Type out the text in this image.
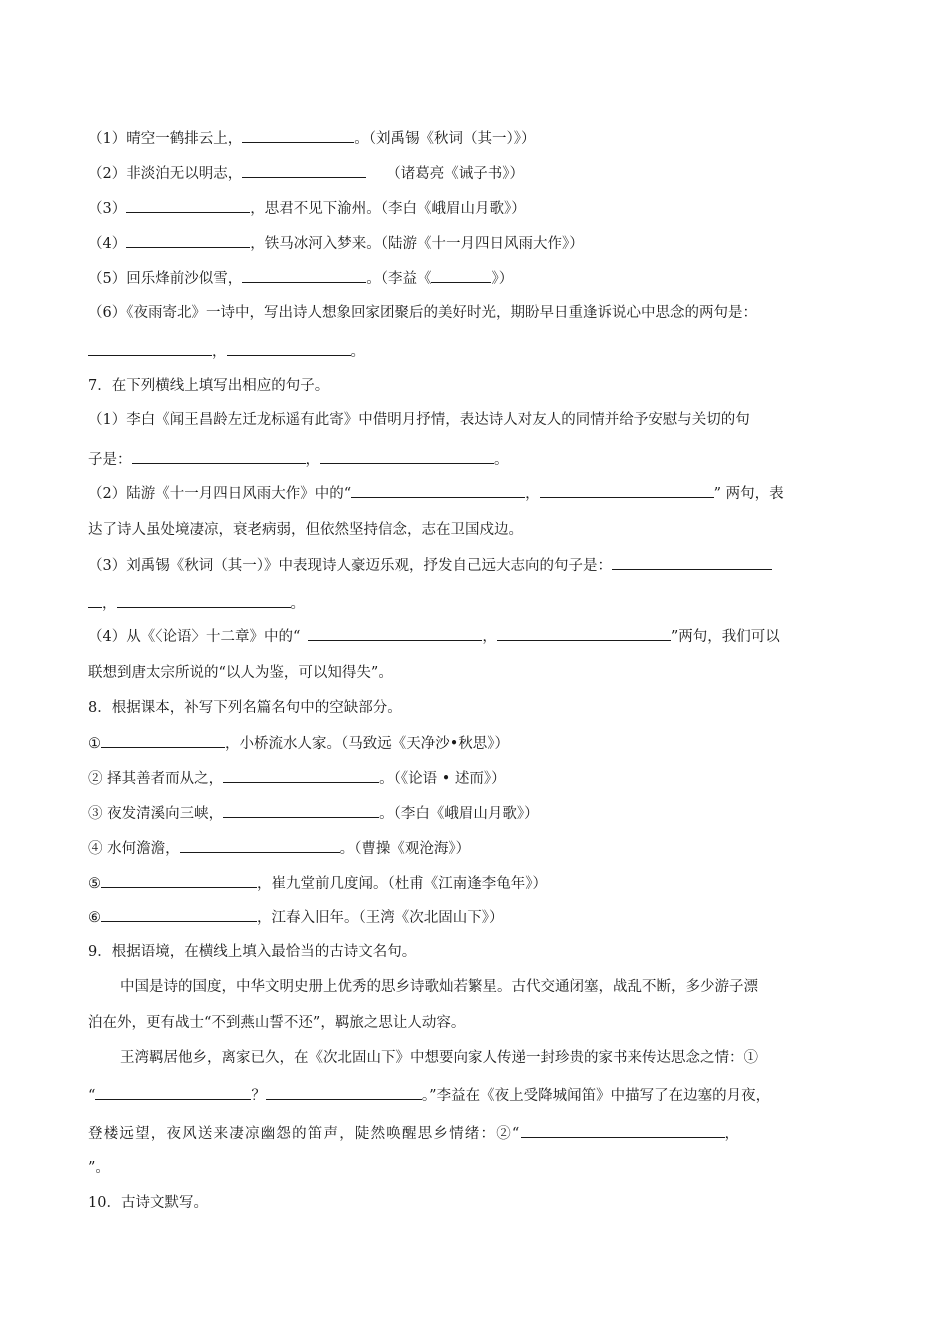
（1）晴空一鹤排云上，	。（刘禹锡《秋词（其一）》）
（2）非淡泊无以明志，	（诸葛亮《诫子书》）
（3）	，思君不见下渝州。（李白《峨眉山月歌》）
（4）	，铁马冰河入梦来。（陆游《十一月四日风雨大作》）
（5）回乐烽前沙似雪，	。（李益《	》）
（6）《夜雨寄北》一诗中，写出诗人想象回家团聚后的美好时光，期盼早日重逢诉说心中思念的两句是：
，	。
7．在下列横线上填写出相应的句子。
（1）李白《闻王昌龄左迁龙标遥有此寄》中借明月抒情，表达诗人对友人的同情并给予安慰与关切的句
子是：	，	。
（2）陆游《十一月四日风雨大作》中的“	，	” 两句，表
达了诗人虽处境凄凉，衰老病弱，但依然坚持信念，志在卫国戍边。
（3）刘禹锡《秋词（其一）》中表现诗人豪迈乐观，抒发自己远大志向的句子是：
，	。
（4）从《〈论语〉十二章》中的“	，	”两句，我们可以
联想到唐太宗所说的“以人为鉴，可以知得失”。
8．根据课本，补写下列名篇名句中的空缺部分。
①	，小桥流水人家。（马致远《天净沙•秋思》）
② 择其善者而从之，	。（《论语 • 述而》）
③ 夜发清溪向三峡，	。（李白《峨眉山月歌》）
④ 水何澹澹，	。（曹操《观沧海》）
⑤	，崔九堂前几度闻。（杜甫《江南逢李龟年》）
⑥	，江春入旧年。（王湾《次北固山下》）
9．根据语境，在横线上填入最恰当的古诗文名句。
中国是诗的国度，中华文明史册上优秀的思乡诗歌灿若繁星。古代交通闭塞，战乱不断，多少游子漂
泊在外，更有战士“不到燕山誓不还”，羁旅之思让人动容。
王湾羁居他乡，离家已久，在《次北固山下》中想要向家人传递一封珍贵的家书来传达思念之情：①
“	？	。”李益在《夜上受降城闻笛》中描写了在边塞的月夜，
登楼远望，夜风送来凄凉幽怨的笛声，陡然唤醒思乡情绪：②“	，
”。
10．古诗文默写。
